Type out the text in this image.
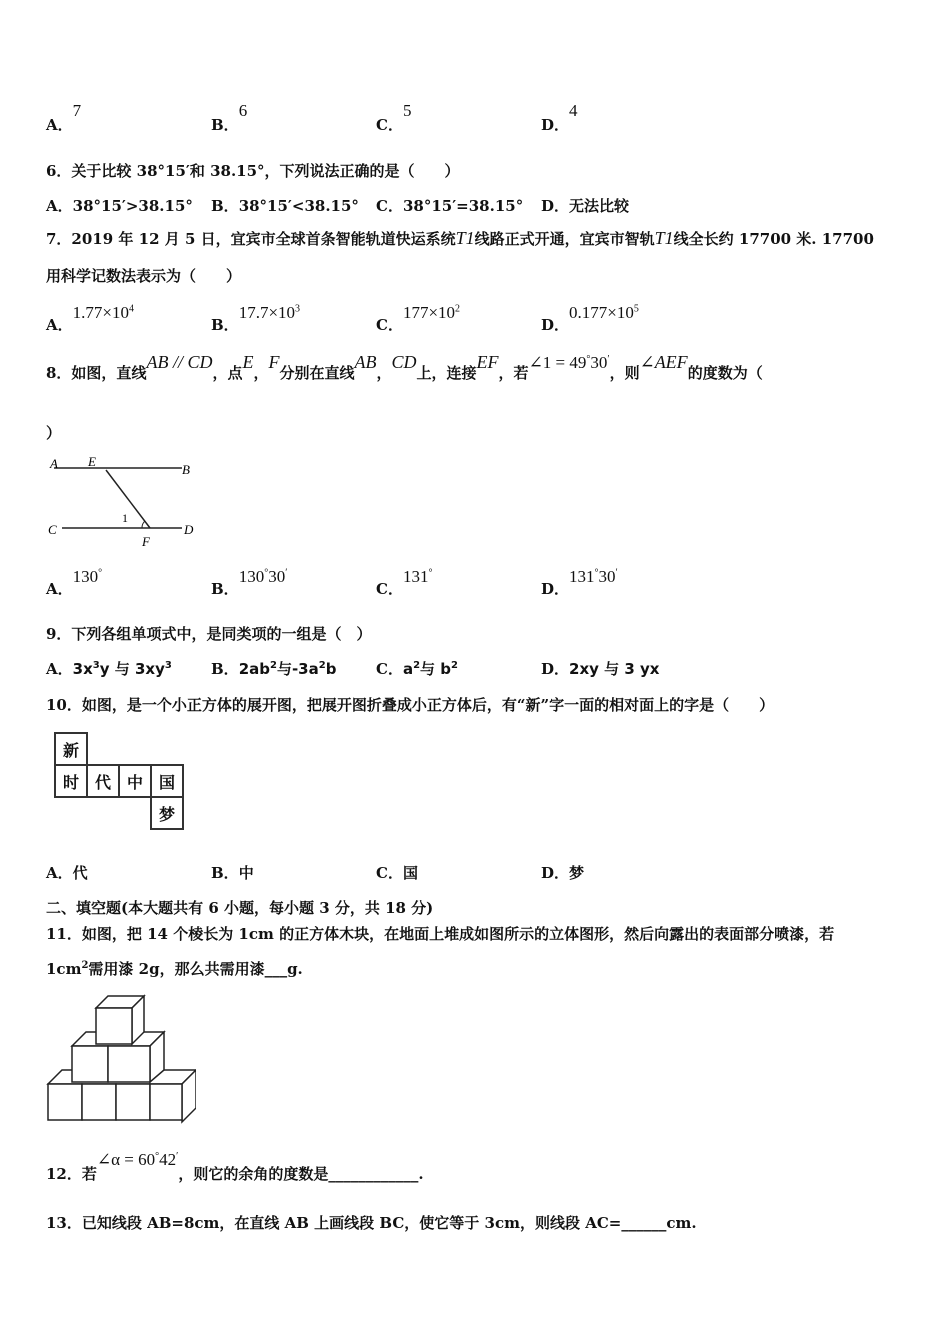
A．7
B．6
C．5
D．4
6．关于比较 38°15′和 38.15°，下列说法正确的是（　　）
A．38°15′>38.15° B．38°15′<38.15° C．38°15′=38.15° D．无法比较
7．2019 年 12 月 5 日，宜宾市全球首条智能轨道快运系统T1线路正式开通，宜宾市智轨T1线全长约 17700 米. 17700
用科学记数法表示为（　　）
A．$1.77\times 10^4$
B．$17.7\times 10^3$
C．$177\times 10^2$
D．$0.177\times 10^5$
8．如图，直线AB // CD，点E，F分别在直线AB，CD上，连接EF，若∠1 = 49°30′，则∠AEF的度数为（
）
A E
B
C
1
F
D
A．130°
B．130°30′
C．131°
D．131°30′
9．下列各组单项式中，是同类项的一组是（　）
A．$3x^3y$ 与 $3xy^3$	B．$2ab^2$与$-3a^2b$	C．$a^2$与 $b^2$	D．2xy 与 3 yx
10．如图，是一个小正方体的展开图，把展开图折叠成小正方体后，有“新”字一面的相对面上的字是（　　）
新			
时	代	中	国
			梦
A．代	B．中	C．国	D．梦
二、填空题(本大题共有 6 小题，每小题 3 分，共 18 分)
11．如图，把 14 个棱长为 1cm 的正方体木块，在地面上堆成如图所示的立体图形，然后向露出的表面部分喷漆，若
$1cm^2$需用漆 2g，那么共需用漆___g.
12．若∠α = 60°42′，则它的余角的度数是____________.
13．已知线段 AB=8cm，在直线 AB 上画线段 BC，使它等于 3cm，则线段 AC=______cm.
